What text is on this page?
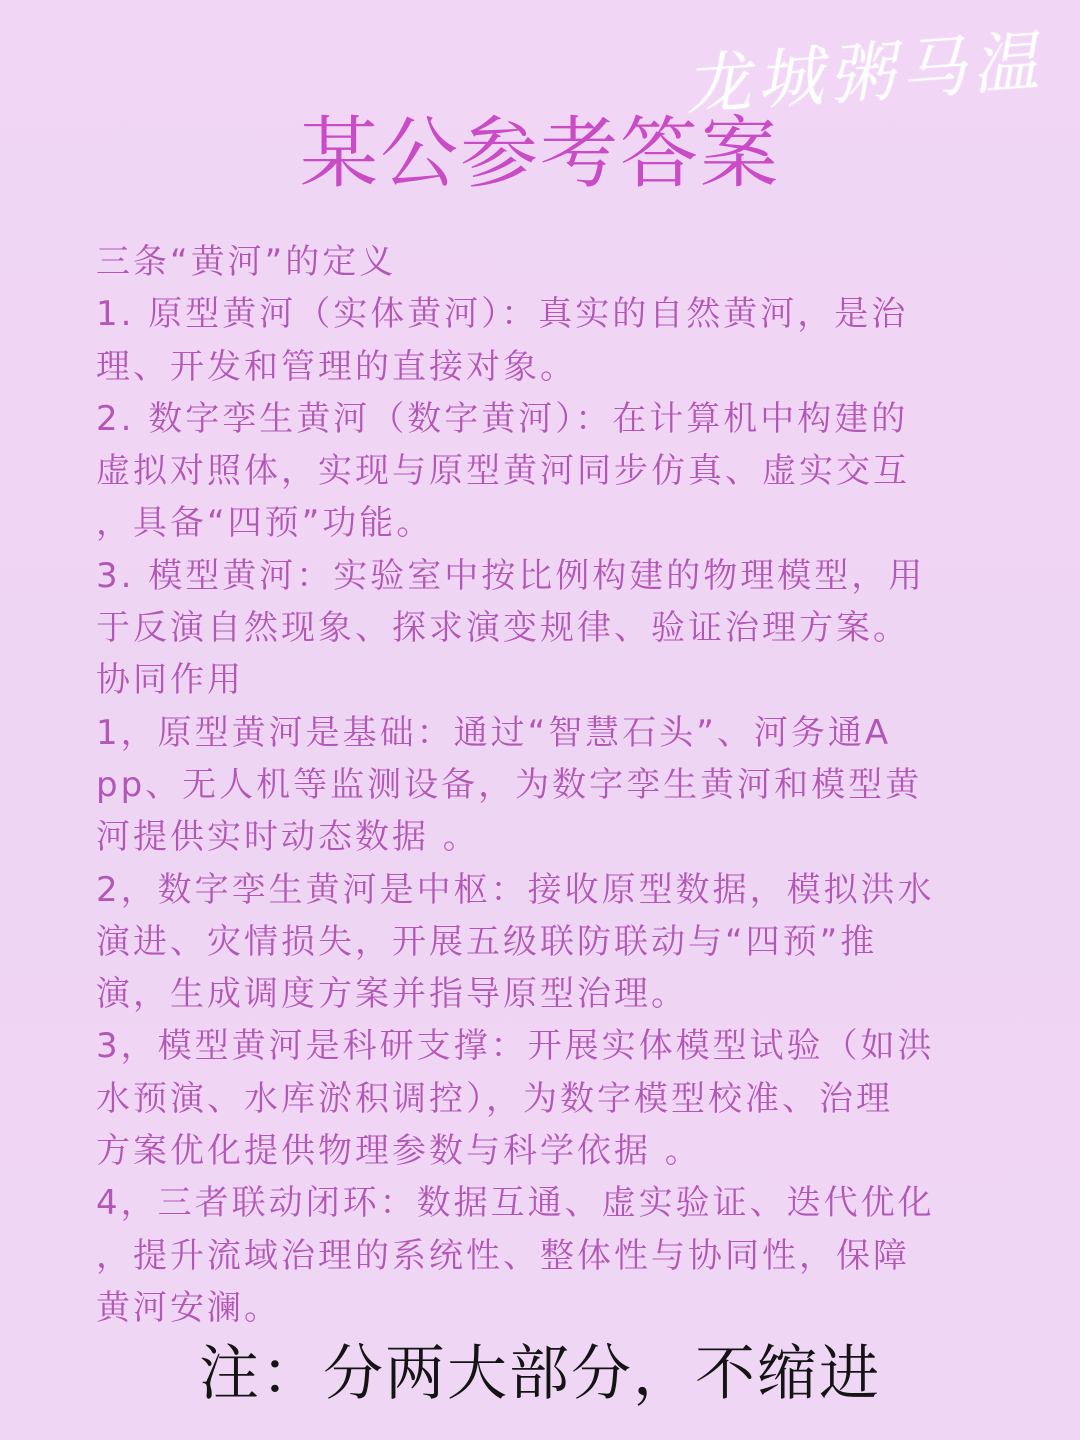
龙城粥马温
某公参考答案
三条“黄河”的定义
1. 原型黄河（实体黄河）：真实的自然黄河，是治
理、开发和管理的直接对象。
2. 数字孪生黄河（数字黄河）：在计算机中构建的
虚拟对照体，实现与原型黄河同步仿真、虚实交互
，具备“四预”功能。
3. 模型黄河：实验室中按比例构建的物理模型，用
于反演自然现象、探求演变规律、验证治理方案。
协同作用
1，原型黄河是基础：通过“智慧石头”、河务通A
pp、无人机等监测设备，为数字孪生黄河和模型黄
河提供实时动态数据 。
2，数字孪生黄河是中枢：接收原型数据，模拟洪水
演进、灾情损失，开展五级联防联动与“四预”推
演，生成调度方案并指导原型治理。
3，模型黄河是科研支撑：开展实体模型试验（如洪
水预演、水库淤积调控），为数字模型校准、治理
方案优化提供物理参数与科学依据 。
4，三者联动闭环：数据互通、虚实验证、迭代优化
，提升流域治理的系统性、整体性与协同性，保障
黄河安澜。
注：分两大部分，不缩进
